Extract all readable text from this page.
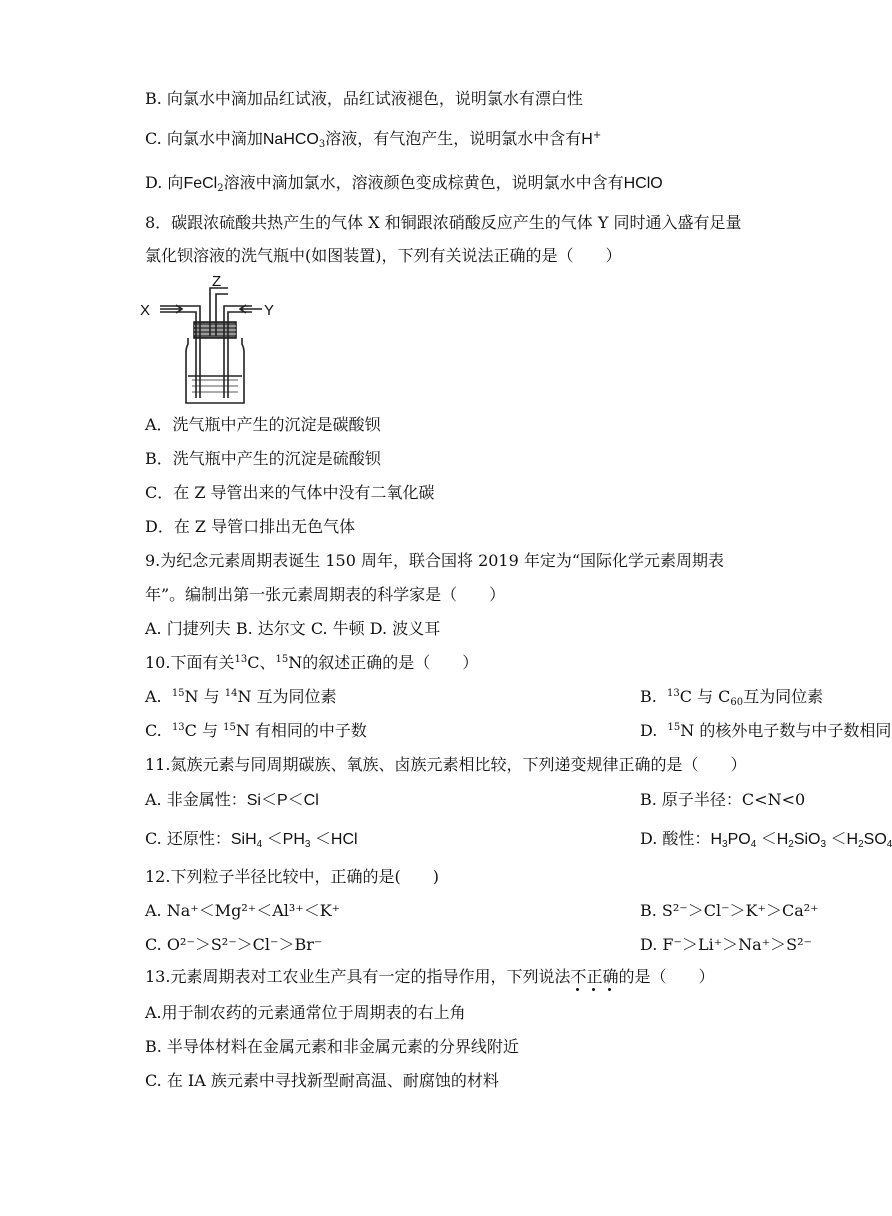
B. 向氯水中滴加品红试液，品红试液褪色，说明氯水有漂白性
C. 向氯水中滴加NaHCO$_3$溶液，有气泡产生，说明氯水中含有H+
D. 向FeCl$_2$溶液中滴加氯水，溶液颜色变成棕黄色，说明氯水中含有HClO
8．碳跟浓硫酸共热产生的气体 X 和铜跟浓硝酸反应产生的气体 Y 同时通入盛有足量
氯化钡溶液的洗气瓶中(如图装置)，下列有关说法正确的是（　　）
X	Y
Z
A．洗气瓶中产生的沉淀是碳酸钡
B．洗气瓶中产生的沉淀是硫酸钡
C．在 Z 导管出来的气体中没有二氧化碳
D．在 Z 导管口排出无色气体
9.为纪念元素周期表诞生 150 周年，联合国将 2019 年定为“国际化学元素周期表
年”。编制出第一张元素周期表的科学家是（　　）
A. 门捷列夫 B. 达尔文 C. 牛顿 D. 波义耳
10.下面有关$^{13}$C、$^{15}$N的叙述正确的是（　　）
A. $^{15}$N 与 $^{14}$N 互为同位素	B. $^{13}$C 与 $C_{60}$互为同位素
C. $^{13}$C 与 $^{15}$N 有相同的中子数	D. $^{15}$N 的核外电子数与中子数相同
11.氮族元素与同周期碳族、氧族、卤族元素相比较，下列递变规律正确的是（　　）
A. 非金属性：Si＜P＜Cl	B. 原子半径：C<N<0
C. 还原性：$SiH_4 <PH_3 <HCl$	D. 酸性：$H_3PO_4 <H_2SiO_3 <H_2SO_4$
12.下列粒子半径比较中，正确的是(　　)
A. Na⁺＜Mg²⁺＜Al³⁺＜K⁺	B. S²⁻＞Cl⁻＞K⁺＞Ca²⁺
C. O²⁻＞S²⁻＞Cl⁻＞Br⁻	D. F⁻＞Li⁺＞Na⁺＞S²⁻
13.元素周期表对工农业生产具有一定的指导作用，下列说法不正确
的是（　　）
A.用于制农药的元素通常位于周期表的右上角
B. 半导体材料在金属元素和非金属元素的分界线附近
C. 在 IA 族元素中寻找新型耐高温、耐腐蚀的材料
